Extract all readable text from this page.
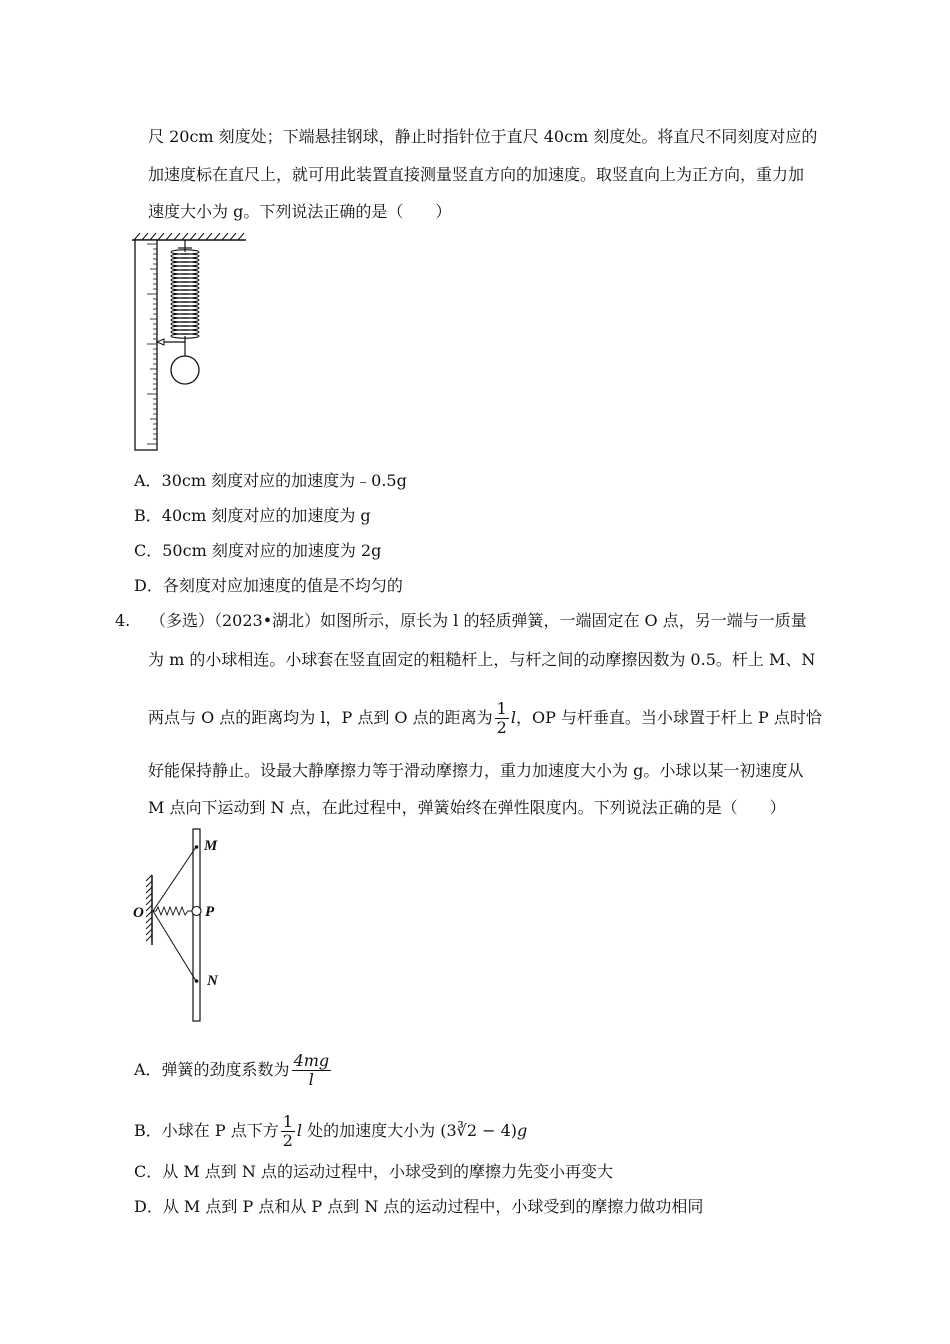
尺 20cm 刻度处；下端悬挂钢球，静止时指针位于直尺 40cm 刻度处。将直尺不同刻度对应的
加速度标在直尺上，就可用此装置直接测量竖直方向的加速度。取竖直向上为正方向，重力加
速度大小为 g。下列说法正确的是（　　）
A．30cm 刻度对应的加速度为﹣0.5g
B．40cm 刻度对应的加速度为 g
C．50cm 刻度对应的加速度为 2g
D．各刻度对应加速度的值是不均匀的
4. （多选）（2023•湖北）如图所示，原长为 l 的轻质弹簧，一端固定在 O 点，另一端与一质量
为 m 的小球相连。小球套在竖直固定的粗糙杆上，与杆之间的动摩擦因数为 0.5。杆上 M、N
两点与 O 点的距离均为 l，P 点到 O 点的距离为 $\frac{1}{2}$ l，OP 与杆垂直。当小球置于杆上 P 点时恰
好能保持静止。设最大静摩擦力等于滑动摩擦力，重力加速度大小为 g。小球以某一初速度从
M 点向下运动到 N 点，在此过程中，弹簧始终在弹性限度内。下列说法正确的是（　　）
M
P
N
O
A．弹簧的劲度系数为 $\frac{4mg}{l}$
B．小球在 P 点下方 $\frac{1}{2}$ l 处的加速度大小为 (3∛2 − 4)g
C．从 M 点到 N 点的运动过程中，小球受到的摩擦力先变小再变大
D．从 M 点到 P 点和从 P 点到 N 点的运动过程中，小球受到的摩擦力做功相同
